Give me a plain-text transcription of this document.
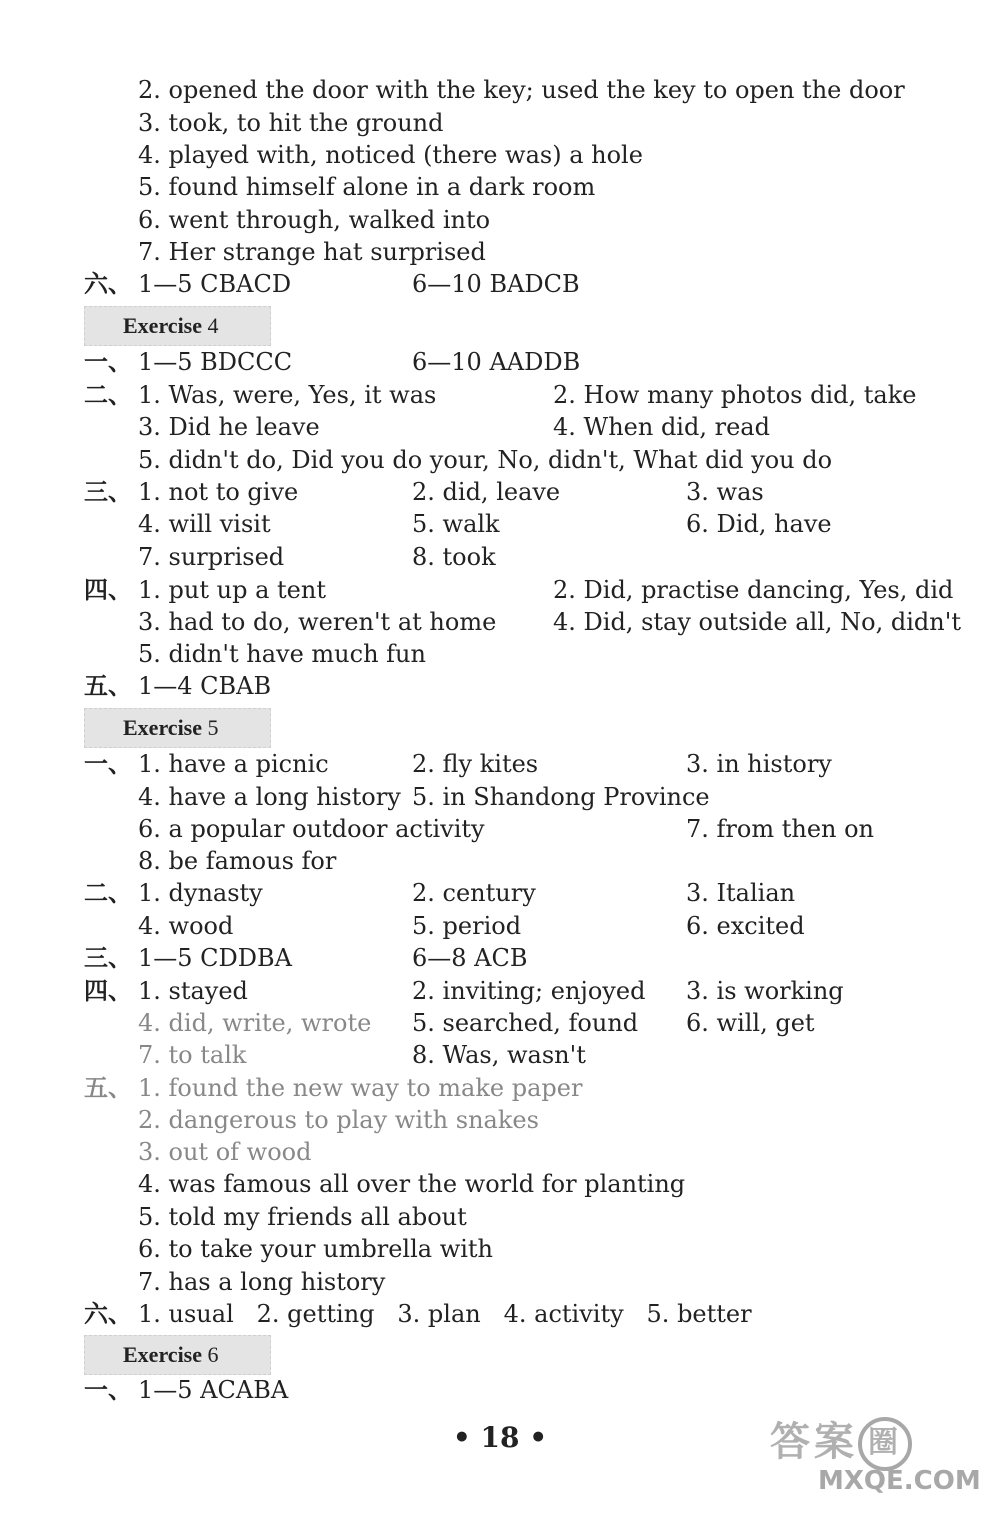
2. opened the door with the key; used the key to open the door
3. took, to hit the ground
4. played with, noticed (there was) a hole
5. found himself alone in a dark room
6. went through, walked into
7. Her strange hat surprised
六、 1—5 CBACD	6—10 BADCB
Exercise 4
一、 1—5 BDCCC	6—10 AADDB
二、 1. Was, were, Yes, it was	2. How many photos did, take
3. Did he leave	4. When did, read
5. didn't do, Did you do your, No, didn't, What did you do
三、 1. not to give	2. did, leave	3. was
4. will visit	5. walk	6. Did, have
7. surprised	8. took
四、 1. put up a tent	2. Did, practise dancing, Yes, did
3. had to do, weren't at home 4. Did, stay outside all, No, didn't
5. didn't have much fun
五、 1—4 CBAB
Exercise 5
一、 1. have a picnic	2. fly kites	3. in history
4. have a long history 5. in Shandong Province
6. a popular outdoor activity	7. from then on
8. be famous for
二、 1. dynasty	2. century	3. Italian
4. wood	5. period	6. excited
三、 1—5 CDDBA	6—8 ACB
四、 1. stayed	2. inviting; enjoyed 3. is working
4. did, write, wrote 5. searched, found 6. will, get
7. to talk	8. Was, wasn't
五、 1. found the new way to make paper
2. dangerous to play with snakes
3. out of wood
4. was famous all over the world for planting
5. told my friends all about
6. to take your umbrella with
7. has a long history
六、 1. usual   2. getting   3. plan   4. activity   5. better
Exercise 6
一、 1—5 ACABA
• 18 •	答案 圈
MXQE.COM
